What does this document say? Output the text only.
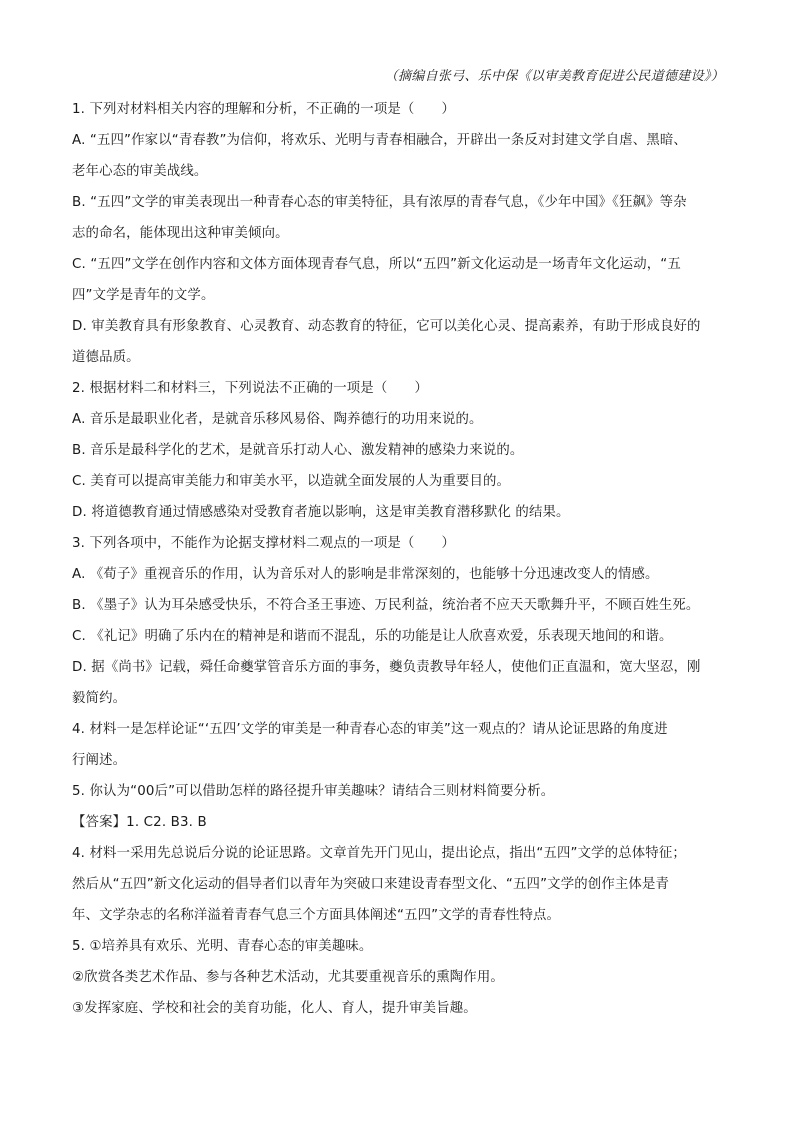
（摘编自张弓、乐中保《以审美教育促进公民道德建设》）
1. 下列对材料相关内容的理解和分析，不正确的一项是（　　）
A. “五四”作家以“青春教”为信仰，将欢乐、光明与青春相融合，开辟出一条反对封建文学自虐、黑暗、
老年心态的审美战线。
B. “五四”文学的审美表现出一种青春心态的审美特征，具有浓厚的青春气息，《少年中国》《狂飙》等杂
志的命名，能体现出这种审美倾向。
C. “五四”文学在创作内容和文体方面体现青春气息，所以“五四”新文化运动是一场青年文化运动，“五
四”文学是青年的文学。
D. 审美教育具有形象教育、心灵教育、动态教育的特征，它可以美化心灵、提高素养，有助于形成良好的
道德品质。
2. 根据材料二和材料三，下列说法不正确的一项是（　　）
A. 音乐是最职业化者，是就音乐移风易俗、陶养德行的功用来说的。
B. 音乐是最科学化的艺术，是就音乐打动人心、激发精神的感染力来说的。
C. 美育可以提高审美能力和审美水平，以造就全面发展的人为重要目的。
D. 将道德教育通过情感感染对受教育者施以影响，这是审美教育潜移默化 的结果。
3. 下列各项中，不能作为论据支撑材料二观点的一项是（　　）
A. 《荀子》重视音乐的作用，认为音乐对人的影响是非常深刻的，也能够十分迅速改变人的情感。
B. 《墨子》认为耳朵感受快乐，不符合圣王事迹、万民利益，统治者不应天天歌舞升平，不顾百姓生死。
C. 《礼记》明确了乐内在的精神是和谐而不混乱，乐的功能是让人欣喜欢爱，乐表现天地间的和谐。
D. 据《尚书》记载，舜任命夔掌管音乐方面的事务，夔负责教导年轻人，使他们正直温和，宽大坚忍，刚
毅简约。
4. 材料一是怎样论证“‘五四’文学的审美是一种青春心态的审美”这一观点的？请从论证思路的角度进
行阐述。
5. 你认为“00后”可以借助怎样的路径提升审美趣味？请结合三则材料简要分析。
【答案】1. C2. B3. B
4. 材料一采用先总说后分说的论证思路。文章首先开门见山，提出论点，指出“五四”文学的总体特征；
然后从“五四”新文化运动的倡导者们以青年为突破口来建设青春型文化、“五四”文学的创作主体是青
年、文学杂志的名称洋溢着青春气息三个方面具体阐述“五四”文学的青春性特点。
5. ①培养具有欢乐、光明、青春心态的审美趣味。
②欣赏各类艺术作品、参与各种艺术活动，尤其要重视音乐的熏陶作用。
③发挥家庭、学校和社会的美育功能，化人、育人，提升审美旨趣。
